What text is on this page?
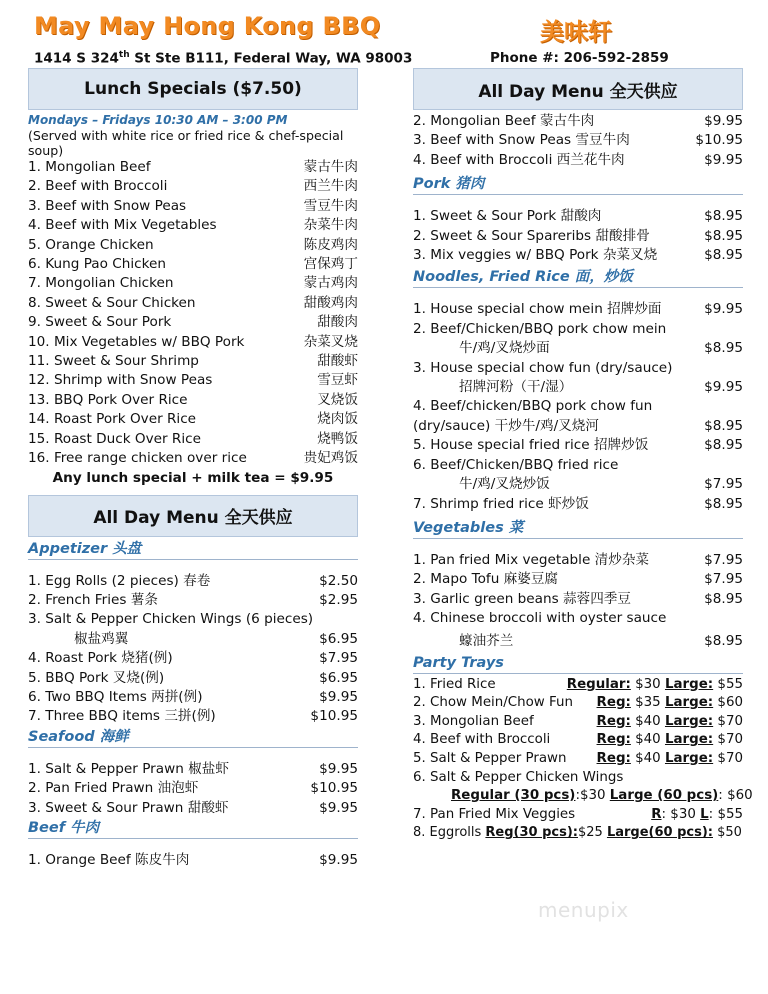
May May Hong Kong BBQ	美味轩
1414 S 324th St Ste B111, Federal Way, WA 98003	Phone #: 206-592-2859
Lunch Specials ($7.50)
Mondays – Fridays 10:30 AM – 3:00 PM
(Served with white rice or fried rice & chef-special soup)
1. Mongolian Beef	蒙古牛肉
2. Beef with Broccoli	西兰牛肉
3. Beef with Snow Peas	雪豆牛肉
4. Beef with Mix Vegetables	杂菜牛肉
5. Orange Chicken	陈皮鸡肉
6. Kung Pao Chicken	宫保鸡丁
7. Mongolian Chicken	蒙古鸡肉
8. Sweet & Sour Chicken	甜酸鸡肉
9. Sweet & Sour Pork	甜酸肉
10. Mix Vegetables w/ BBQ Pork	杂菜叉烧
11. Sweet & Sour Shrimp	甜酸虾
12. Shrimp with Snow Peas	雪豆虾
13. BBQ Pork Over Rice	叉烧饭
14. Roast Pork Over Rice	烧肉饭
15. Roast Duck Over Rice	烧鸭饭
16. Free range chicken over rice	贵妃鸡饭
Any lunch special + milk tea = $9.95
All Day Menu 全天供应
Appetizer 头盘
1. Egg Rolls (2 pieces) 春卷	$2.50
2. French Fries 薯条	$2.95
3. Salt & Pepper Chicken Wings (6 pieces)
椒盐鸡翼	$6.95
4. Roast Pork 烧猪(例)	$7.95
5. BBQ Pork 叉烧(例)	$6.95
6. Two BBQ Items 两拼(例)	$9.95
7. Three BBQ items 三拼(例)	$10.95
Seafood 海鲜
1. Salt & Pepper Prawn 椒盐虾	$9.95
2. Pan Fried Prawn 油泡虾	$10.95
3. Sweet & Sour Prawn 甜酸虾	$9.95
Beef 牛肉
1. Orange Beef 陈皮牛肉	$9.95
All Day Menu 全天供应
2. Mongolian Beef 蒙古牛肉	$9.95
3. Beef with Snow Peas 雪豆牛肉	$10.95
4. Beef with Broccoli 西兰花牛肉	$9.95
Pork 猪肉
1. Sweet & Sour Pork 甜酸肉	$8.95
2. Sweet & Sour Spareribs 甜酸排骨	$8.95
3. Mix veggies w/ BBQ Pork 杂菜叉烧	$8.95
Noodles, Fried Rice 面，炒饭
1. House special chow mein 招牌炒面	$9.95
2. Beef/Chicken/BBQ pork chow mein
牛/鸡/叉烧炒面	$8.95
3. House special chow fun (dry/sauce)
招牌河粉（干/湿）	$9.95
4. Beef/chicken/BBQ pork chow fun
(dry/sauce) 干炒牛/鸡/叉烧河	$8.95
5. House special fried rice 招牌炒饭	$8.95
6. Beef/Chicken/BBQ fried rice
牛/鸡/叉烧炒饭	$7.95
7. Shrimp fried rice 虾炒饭	$8.95
Vegetables 菜
1. Pan fried Mix vegetable 清炒杂菜	$7.95
2. Mapo Tofu 麻婆豆腐	$7.95
3. Garlic green beans 蒜蓉四季豆	$8.95
4. Chinese broccoli with oyster sauce
蠔油芥兰	$8.95
Party Trays
1. Fried Rice	Regular: $30 Large: $55
2. Chow Mein/Chow Fun Reg: $35 Large: $60
3. Mongolian Beef	Reg: $40 Large: $70
4. Beef with Broccoli	Reg: $40 Large: $70
5. Salt & Pepper Prawn Reg: $40 Large: $70
6. Salt & Pepper Chicken Wings
Regular (30 pcs):$30 Large (60 pcs): $60
7. Pan Fried Mix Veggies	R: $30 L: $55
8. Eggrolls Reg(30 pcs):$25 Large(60 pcs): $50
menupix
